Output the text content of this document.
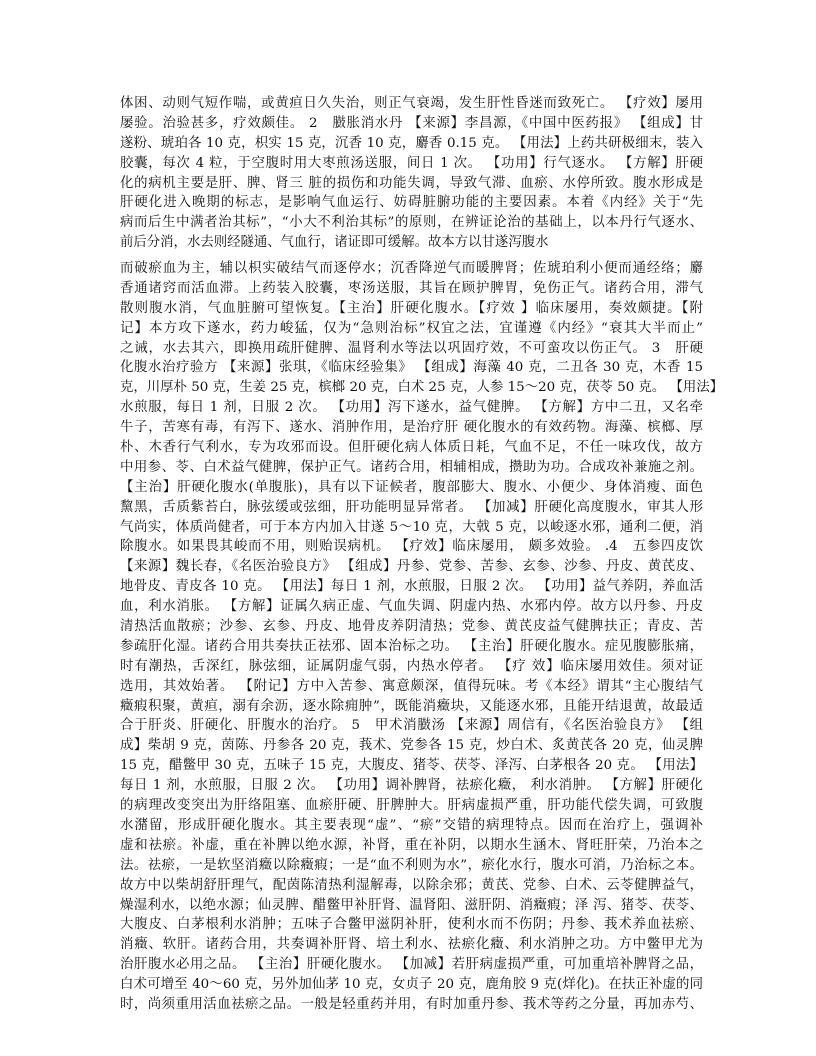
体困、动则气短作喘，或黄疸日久失治，则正气衰竭，发生肝性昏迷而致死亡。 【疗效】屡用
屡验。治验甚多，疗效颇佳。 2　臌胀消水丹 【来源】李昌源，《中国中医药报》 【组成】甘
遂粉、琥珀各 10 克，枳实 15 克，沉香 10 克，麝香 0.15 克。 【用法】上药共研极细末，装入
胶囊，每次 4 粒，于空腹时用大枣煎汤送服，间日 1 次。 【功用】行气逐水。 【方解】肝硬
化的病机主要是肝、脾、肾三 脏的损伤和功能失调，导致气滞、血瘀、水停所致。腹水形成是
肝硬化进入晚期的标志，是影响气血运行、妨碍脏腑功能的主要因素。本着《内经》关于“先
病而后生中满者治其标”，“小大不利治其标”的原则，在辨证论治的基础上，以本丹行气逐水、
前后分消，水去则经隧通、气血行，诸证即可缓解。故本方以甘遂泻腹水
而破瘀血为主，辅以枳实破结气而逐停水；沉香降逆气而暖脾肾；佐琥珀利小便而通经络；麝
香通诸窍而活血滞。上药装入胶囊，枣汤送服，其旨在顾护脾胃，免伤正气。诸药合用，滞气
散则腹水消，气血脏腑可望恢复。【主治】肝硬化腹水。【疗效 】临床屡用，奏效颇捷。【附
记】本方攻下遂水，药力峻猛，仅为“急则治标”权宜之法，宜谨遵《内经》“衰其大半而止”
之诫，水去其六，即换用疏肝健脾、温肾利水等法以巩固疗效，不可蛮攻以伤正气。 3　肝硬
化腹水治疗验方 【来源】张琪，《临床经验集》 【组成】海藻 40 克，二丑各 30 克，木香 15
克，川厚朴 50 克，生姜 25 克，槟榔 20 克，白术 25 克，人参 15～20 克，茯苓 50 克。 【用法】
水煎服，每日 1 剂，日服 2 次。 【功用】泻下遂水，益气健脾。 【方解】方中二丑，又名牵
牛子，苦寒有毒，有泻下、遂水、消肿作用，是治疗肝 硬化腹水的有效药物。海藻、槟榔、厚
朴、木香行气利水，专为攻邪而设。但肝硬化病人体质日耗，气血不足，不任一味攻伐，故方
中用参、苓、白术益气健脾，保护正气。诸药合用，相辅相成，攒助为功。合成攻补兼施之剂。
【主治】肝硬化腹水(单腹胀)，具有以下证候者，腹部膨大、腹水、小便少、身体消瘦、面色
黧黑，舌质紫苔白，脉弦缓或弦细，肝功能明显异常者。 【加减】肝硬化高度腹水，审其人形
气尚实，体质尚健者，可于本方内加入甘遂 5～10 克，大戟 5 克，以峻逐水邪，通利二便，消
除腹水。如果畏其峻而不用，则贻误病机。 【疗效】临床屡用， 颇多效验。 .4　五参四皮饮
【来源】魏长春，《名医治验良方》 【组成】丹参、党参、苦参、玄参、沙参、丹皮、黄芪皮、
地骨皮、青皮各 10 克。 【用法】每日 1 剂，水煎服，日服 2 次。 【功用】益气养阴，养血活
血，利水消胀。 【方解】证属久病正虚、气血失调、阴虚内热、水邪内停。故方以丹参、丹皮
清热活血散瘀；沙参、玄参、丹皮、地骨皮养阴清热；党参、黄芪皮益气健脾扶正；青皮、苦
参疏肝化湿。诸药合用共奏扶正祛邪、固本治标之功。 【主治】肝硬化腹水。症见腹膨胀痛，
时有潮热，舌深红，脉弦细，证属阴虚气弱，内热水停者。 【疗 效】临床屡用效佳。须对证
选用，其效始著。 【附记】方中入苦参、寓意颇深，值得玩味。考《本经》谓其“主心腹结气
癥瘕积聚，黄疸，溺有余沥，逐水除痈肿”，既能消癥块，又能逐水邪，且能开结退黄，故最适
合于肝炎、肝硬化、肝腹水的治疗。 5　甲术消臌汤 【来源】周信有，《名医治验良方》 【组
成】柴胡 9 克，茵陈、丹参各 20 克，莪术、党参各 15 克，炒白术、炙黄芪各 20 克，仙灵脾
15 克，醋鳖甲 30 克，五味子 15 克，大腹皮、猪苓、茯苓、泽泻、白茅根各 20 克。 【用法】
每日 1 剂，水煎服，日服 2 次。 【功用】调补脾肾，祛瘀化癥， 利水消肿。 【方解】肝硬化
的病理改变突出为肝络阻塞、血瘀肝硬、肝脾肿大。肝病虚损严重，肝功能代偿失调，可致腹
水潴留，形成肝硬化腹水。其主要表现“虚”、“瘀”交错的病理特点。因而在治疗上，强调补
虚和祛瘀。补虚，重在补脾以绝水源，补肾，重在补阴，以期水生涵木、肾旺肝荣，乃治本之
法。祛瘀，一是软坚消癥以除癥瘕；一是“血不利则为水”，瘀化水行，腹水可消，乃治标之本。
故方中以柴胡舒肝理气，配茵陈清热利湿解毒，以除余邪；黄芪、党参、白术、云苓健脾益气，
燥湿利水，以绝水源；仙灵脾、醋鳖甲补肝肾、温肾阳、滋肝阴、消癥瘕；泽 泻、猪苓、茯苓、
大腹皮、白茅根利水消肿；五味子合鳖甲滋阴补肝，使利水而不伤阴；丹参、莪术养血祛瘀、
消癥、软肝。诸药合用，共奏调补肝肾、培土利水、祛瘀化癥、利水消肿之功。方中鳖甲尤为
治肝腹水必用之品。 【主治】肝硬化腹水。 【加减】若肝病虚损严重，可加重培补脾肾之品，
白术可增至 40～60 克，另外加仙茅 10 克，女贞子 20 克，鹿角胶 9 克(烊化)。在扶正补虚的同
时，尚须重用活血祛瘀之品。一般是轻重药并用，有时加重丹参、莪术等药之分量，再加赤芍、
